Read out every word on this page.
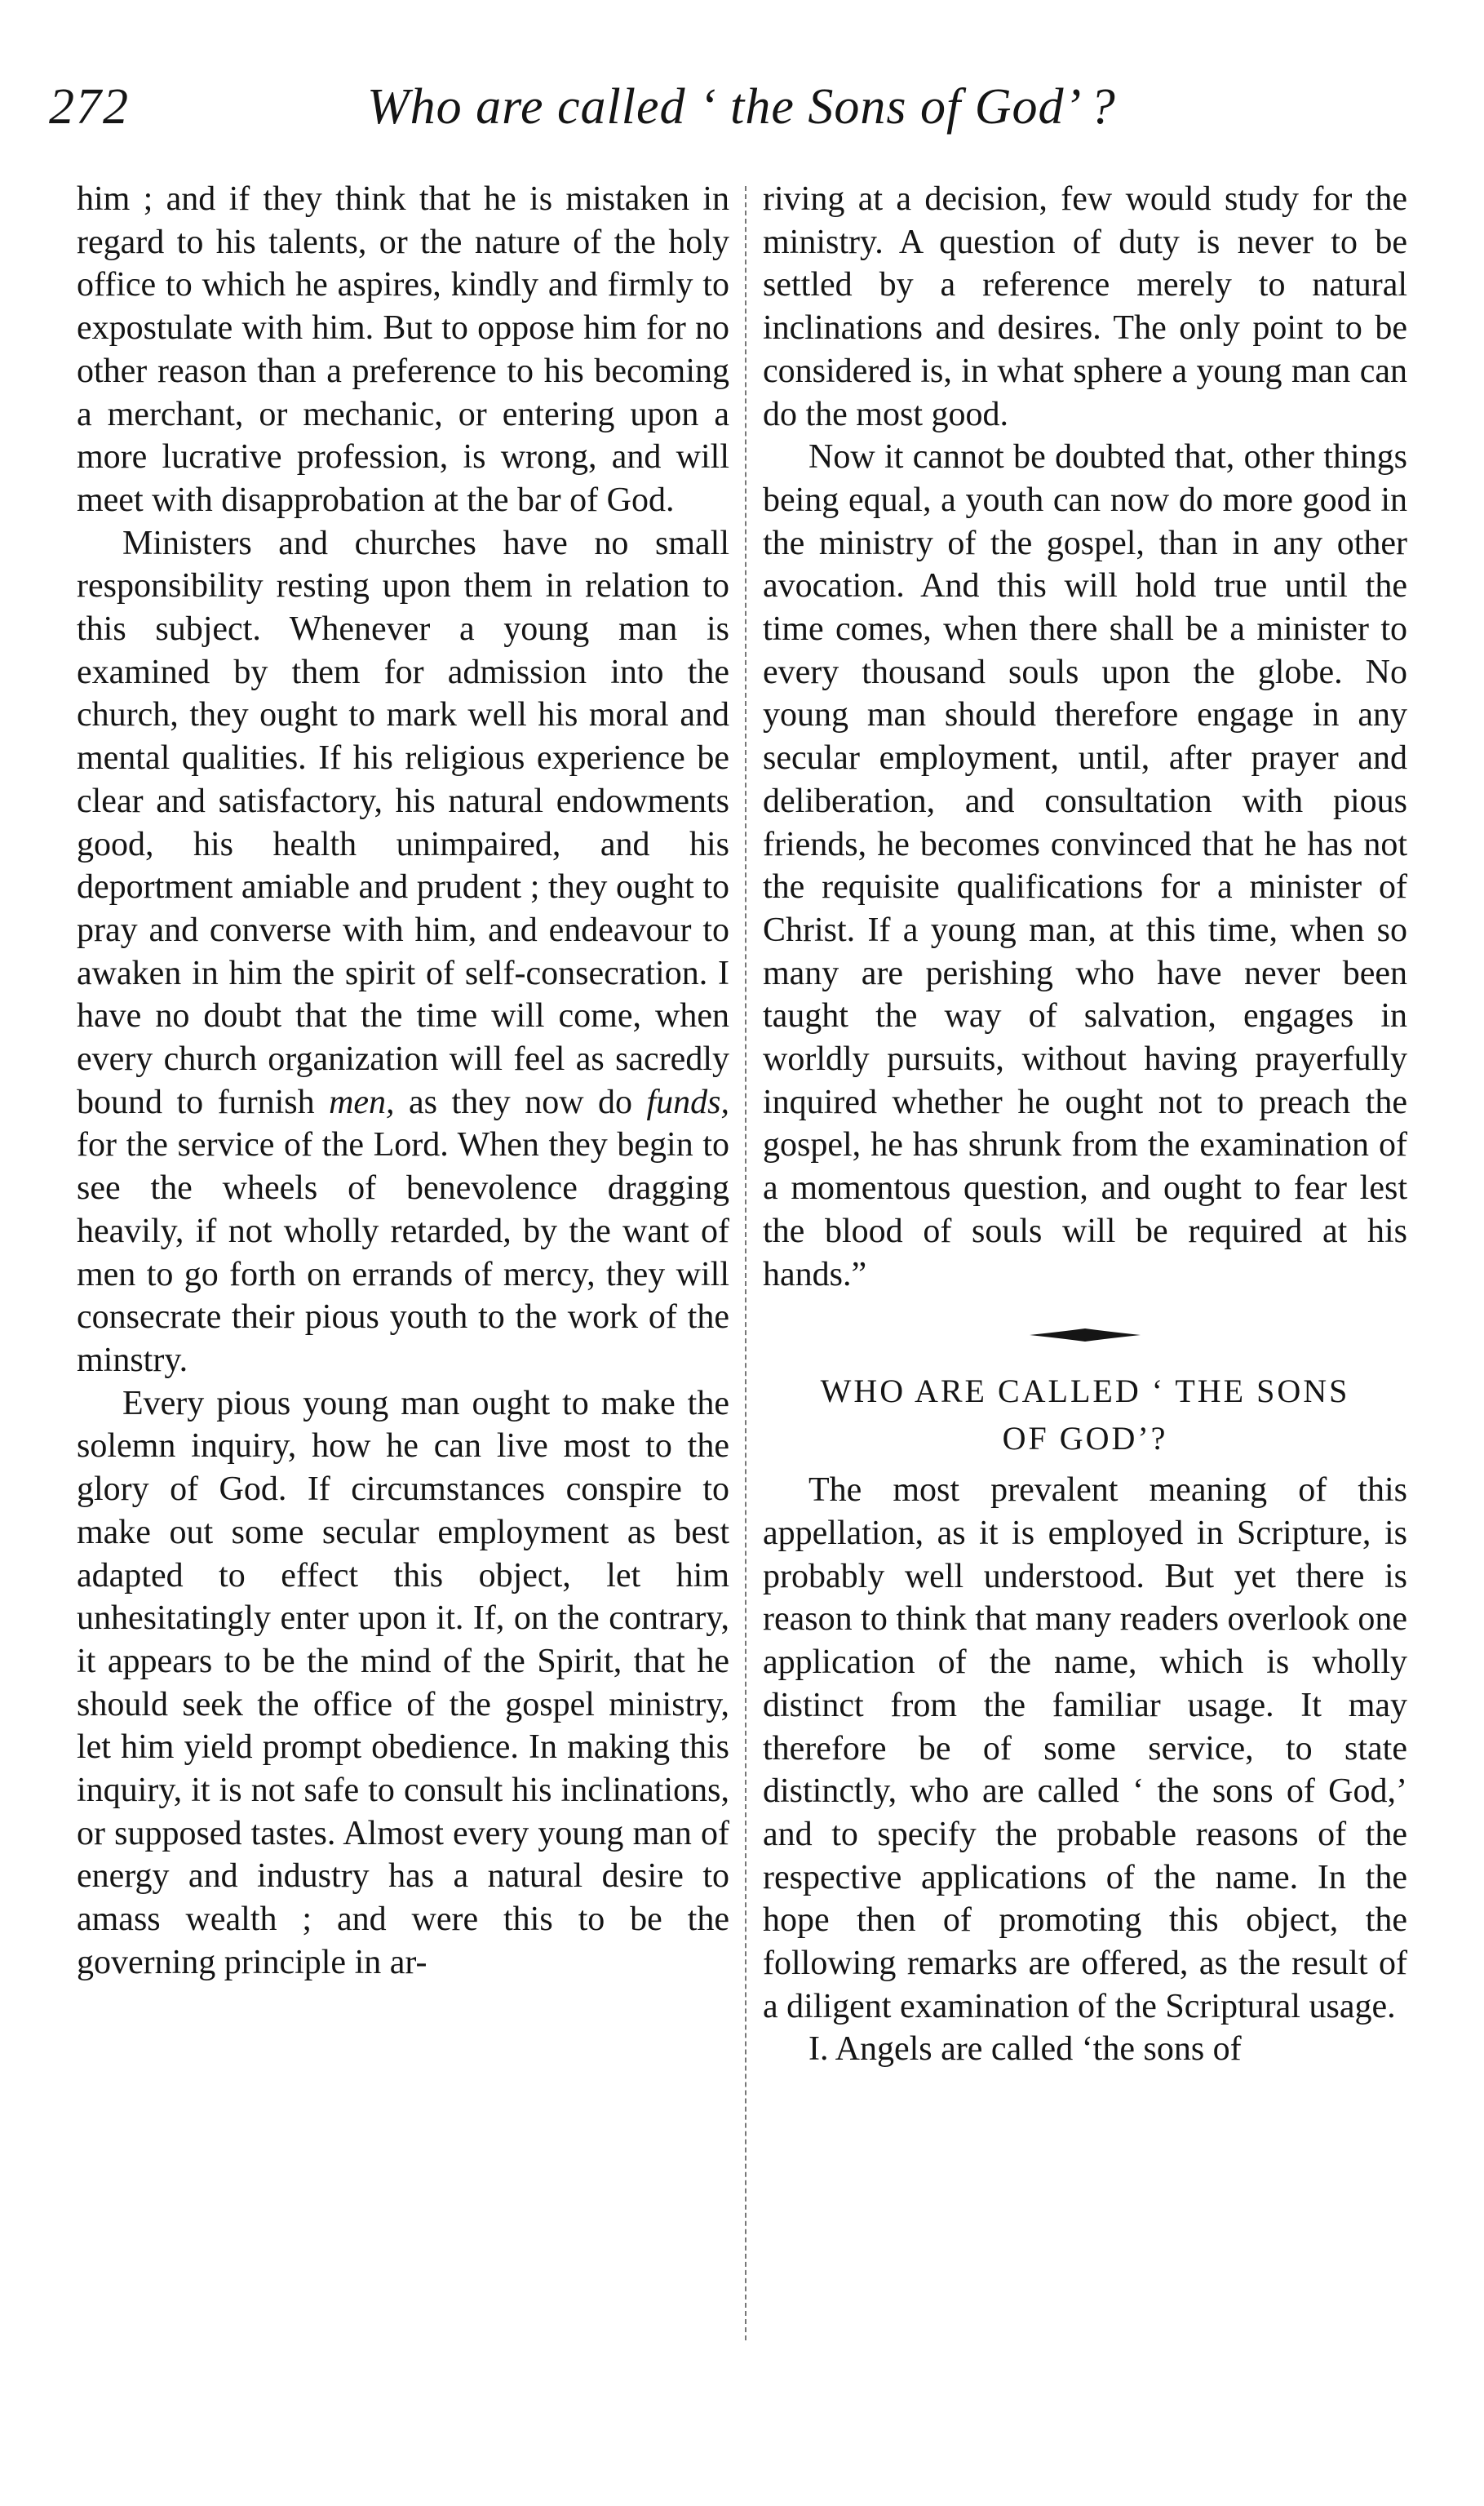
272	Who are called ‘ the Sons of God’ ?

him ; and if they think that he is mistaken in regard to his talents, or the nature of the holy office to which he aspires, kindly and firmly to expostulate with him. But to oppose him for no other reason than a preference to his becoming a merchant, or mechanic, or entering upon a more lucrative profession, is wrong, and will meet with disapprobation at the bar of God.

Ministers and churches have no small responsibility resting upon them in relation to this subject. Whenever a young man is examined by them for admission into the church, they ought to mark well his moral and mental qualities. If his religious experience be clear and satisfactory, his natural endowments good, his health unimpaired, and his deportment amiable and prudent ; they ought to pray and converse with him, and endeavour to awaken in him the spirit of self-consecration. I have no doubt that the time will come, when every church organization will feel as sacredly bound to furnish men, as they now do funds, for the service of the Lord. When they begin to see the wheels of benevolence dragging heavily, if not wholly retarded, by the want of men to go forth on errands of mercy, they will consecrate their pious youth to the work of the minstry.

Every pious young man ought to make the solemn inquiry, how he can live most to the glory of God. If circumstances conspire to make out some secular employment as best adapted to effect this object, let him unhesitatingly enter upon it. If, on the contrary, it appears to be the mind of the Spirit, that he should seek the office of the gospel ministry, let him yield prompt obedience. In making this inquiry, it is not safe to consult his inclinations, or supposed tastes. Almost every young man of energy and industry has a natural desire to amass wealth ; and were this to be the governing principle in ar-

riving at a decision, few would study for the ministry. A question of duty is never to be settled by a reference merely to natural inclinations and desires. The only point to be considered is, in what sphere a young man can do the most good.

Now it cannot be doubted that, other things being equal, a youth can now do more good in the ministry of the gospel, than in any other avocation. And this will hold true until the time comes, when there shall be a minister to every thousand souls upon the globe. No young man should therefore engage in any secular employment, until, after prayer and deliberation, and consultation with pious friends, he becomes convinced that he has not the requisite qualifications for a minister of Christ. If a young man, at this time, when so many are perishing who have never been taught the way of salvation, engages in worldly pursuits, without having prayerfully inquired whether he ought not to preach the gospel, he has shrunk from the examination of a momentous question, and ought to fear lest the blood of souls will be required at his hands.”

WHO ARE CALLED ‘ THE SONS
OF GOD’?

The most prevalent meaning of this appellation, as it is employed in Scripture, is probably well understood. But yet there is reason to think that many readers overlook one application of the name, which is wholly distinct from the familiar usage. It may therefore be of some service, to state distinctly, who are called ‘ the sons of God,’ and to specify the probable reasons of the respective applications of the name. In the hope then of promoting this object, the following remarks are offered, as the result of a diligent examination of the Scriptural usage.

I. Angels are called ‘the sons of
